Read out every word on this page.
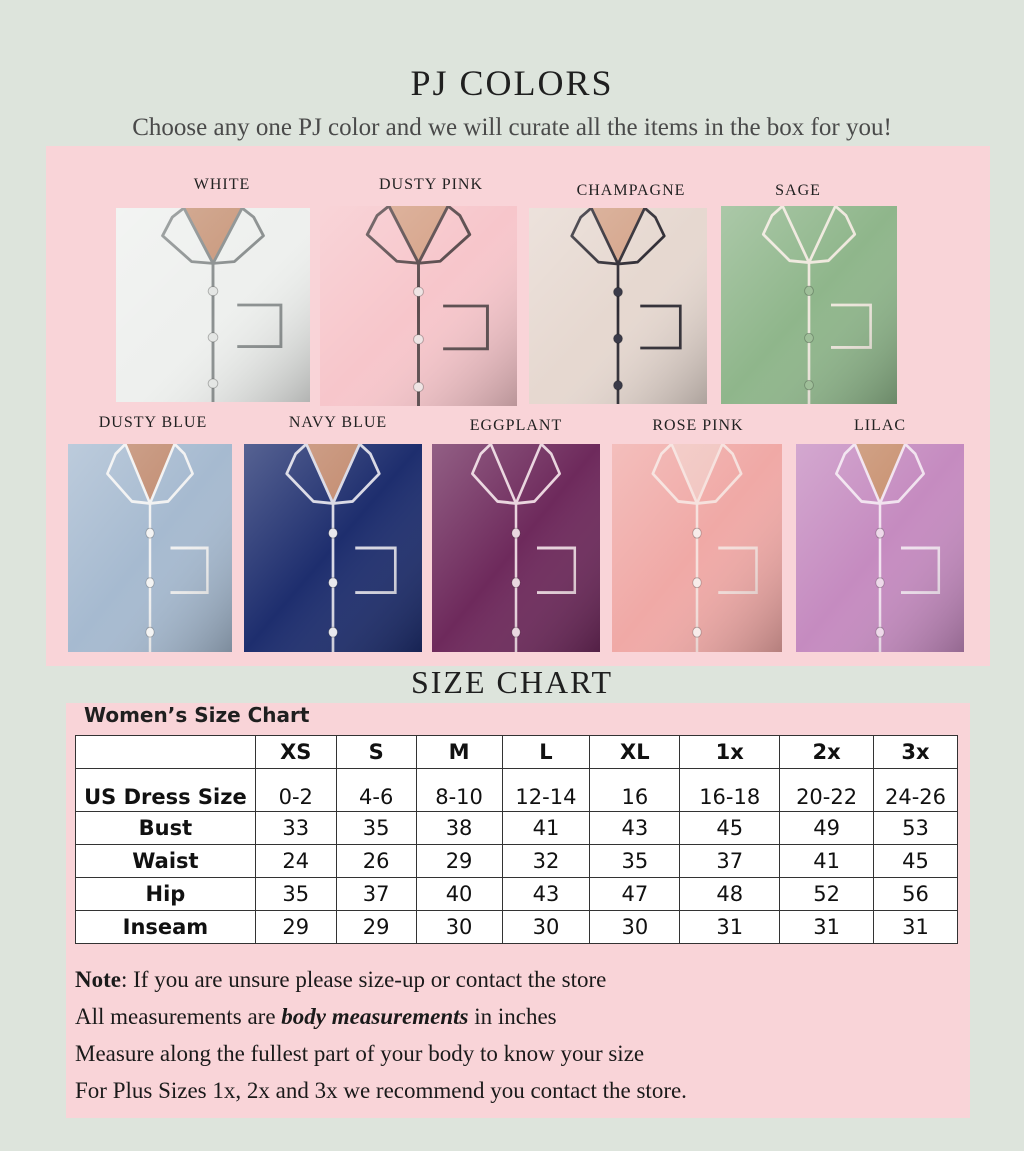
PJ COLORS
Choose any one PJ color and we will curate all the items in the box for you!
WHITE	DUSTY PINK	CHAMPAGNE	SAGE
DUSTY BLUE	NAVY BLUE	EGGPLANT	ROSE PINK	LILAC
SIZE CHART
Women’s Size Chart
	XS	S	M	L	XL	1x	2x	3x
US Dress Size	0-2	4-6	8-10	12-14	16	16-18	20-22	24-26
Bust	33	35	38	41	43	45	49	53
Waist	24	26	29	32	35	37	41	45
Hip	35	37	40	43	47	48	52	56
Inseam	29	29	30	30	30	31	31	31
Note: If you are unsure please size-up or contact the store
All measurements are body measurements in inches
Measure along the fullest part of your body to know your size
For Plus Sizes 1x, 2x and 3x we recommend you contact the store.
